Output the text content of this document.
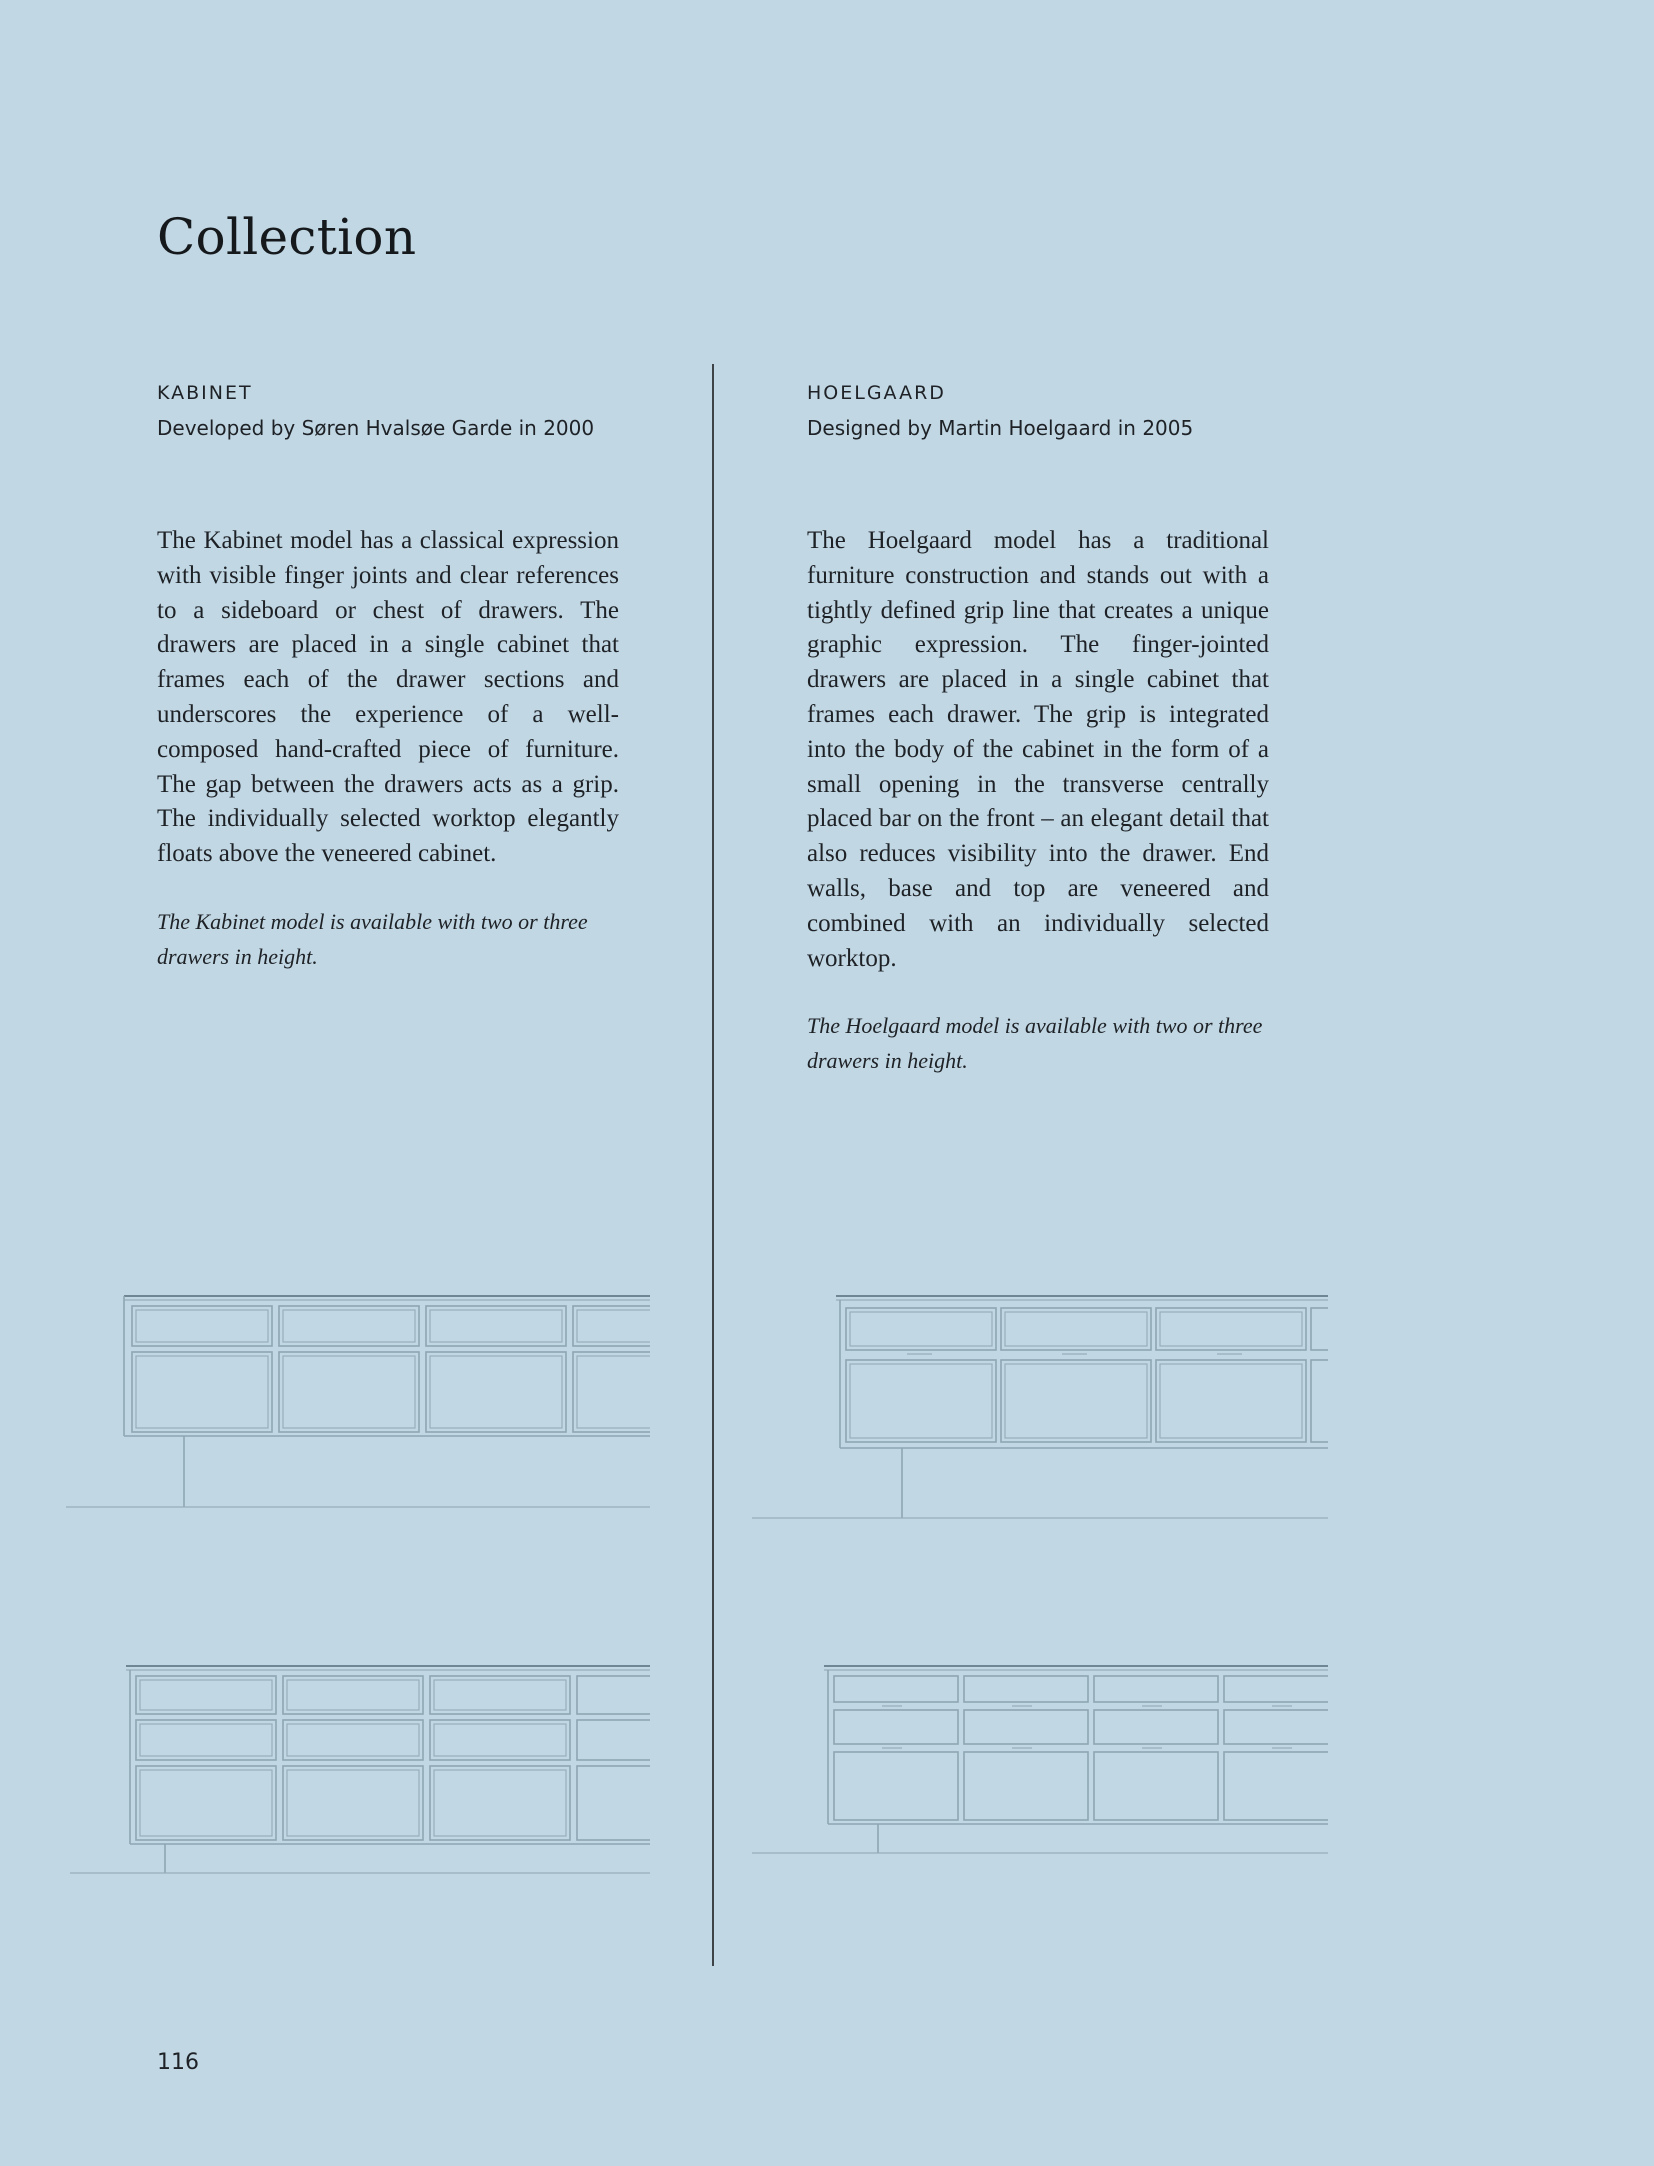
Collection

KABINET

Developed by Søren Hvalsøe Garde in 2000

The Kabinet model has a classical expression with visible finger joints and clear references to a sideboard or chest of drawers. The drawers are placed in a single cabinet that frames each of the drawer sections and underscores the experience of a well-composed hand-crafted piece of furniture. The gap between the drawers acts as a grip. The individually selected worktop elegantly floats above the veneered cabinet.

The Kabinet model is available with two or three drawers in height.

HOELGAARD

Designed by Martin Hoelgaard in 2005

The Hoelgaard model has a traditional furniture construction and stands out with a tightly defined grip line that creates a unique graphic expression. The finger-jointed drawers are placed in a single cabinet that frames each drawer. The grip is integrated into the body of the cabinet in the form of a small opening in the transverse centrally placed bar on the front – an elegant detail that also reduces visibility into the drawer. End walls, base and top are veneered and combined with an individually selected worktop.

The Hoelgaard model is available with two or three drawers in height.

116
